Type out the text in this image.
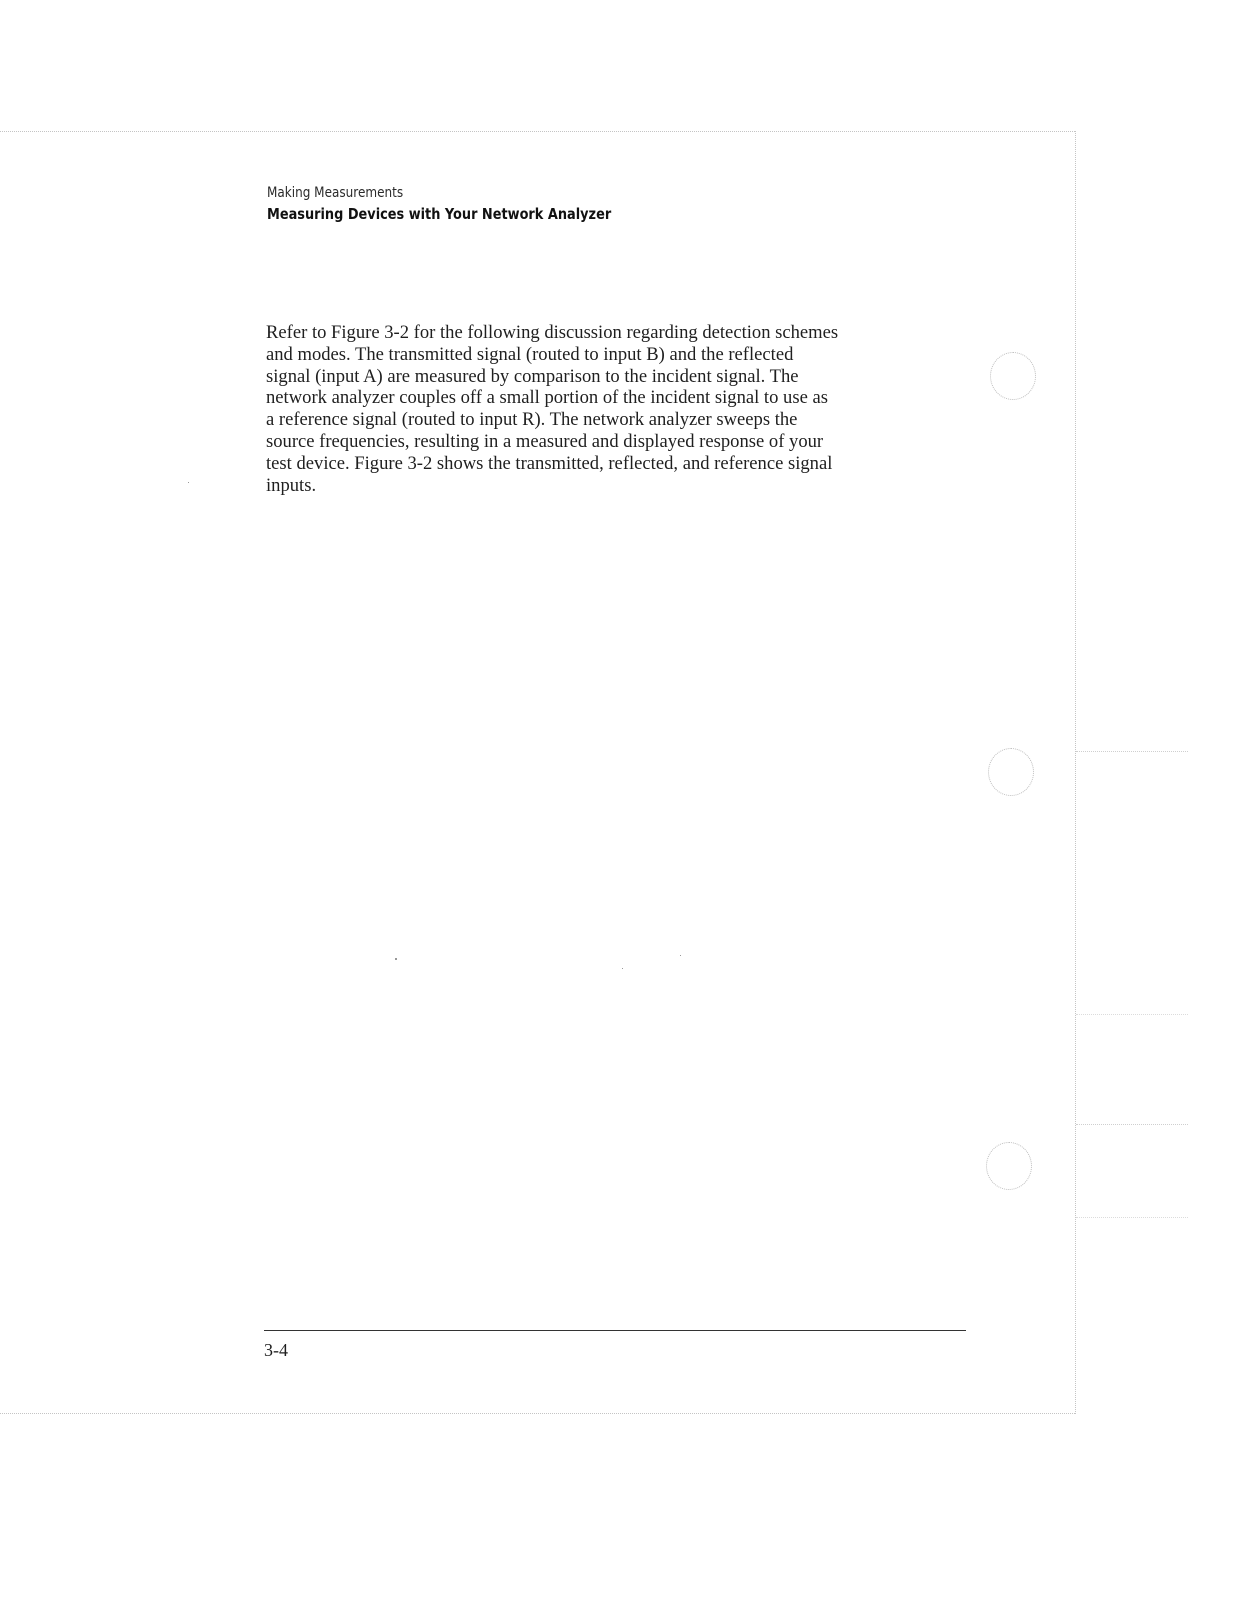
Making Measurements
Measuring Devices with Your Network Analyzer
Refer to Figure 3-2 for the following discussion regarding detection schemes
and modes. The transmitted signal (routed to input B) and the reflected
signal (input A) are measured by comparison to the incident signal. The
network analyzer couples off a small portion of the incident signal to use as
a reference signal (routed to input R). The network analyzer sweeps the
source frequencies, resulting in a measured and displayed response of your
test device. Figure 3-2 shows the transmitted, reflected, and reference signal
inputs.
3-4
